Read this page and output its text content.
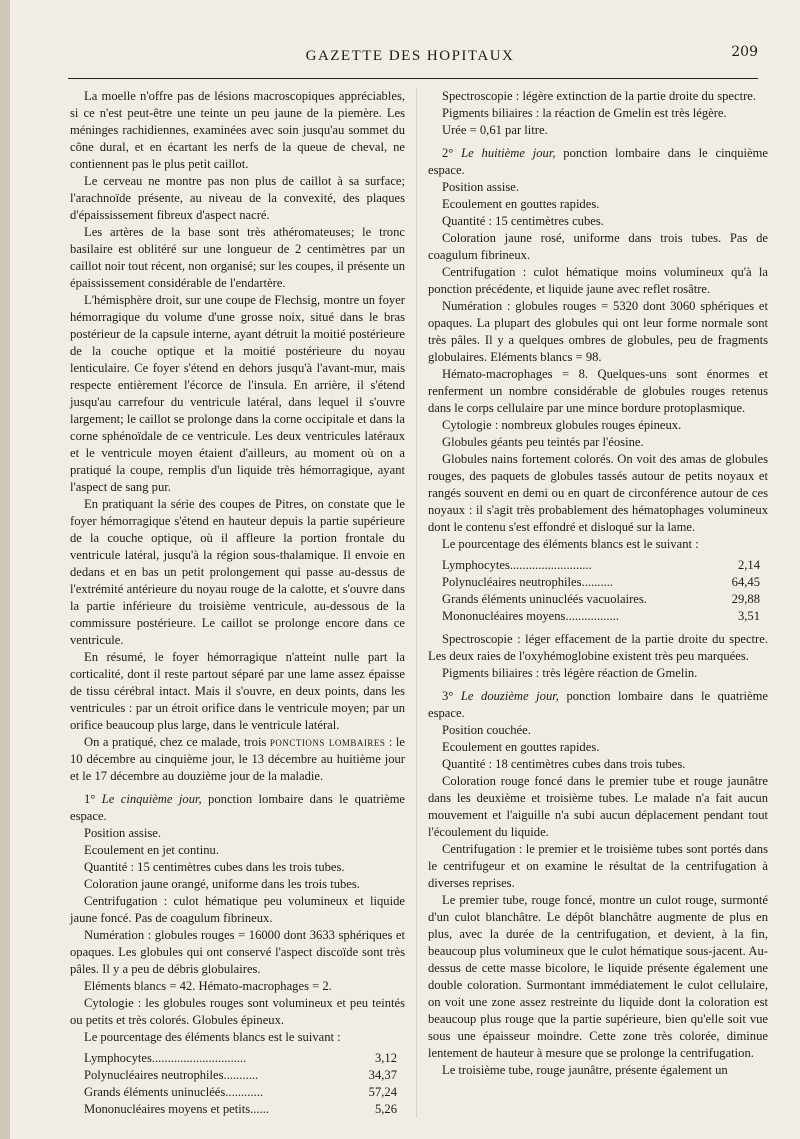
GAZETTE DES HOPITAUX	209

La moelle n'offre pas de lésions macroscopiques appréciables, si ce n'est peut-être une teinte un peu jaune de la piemère. Les méninges rachidiennes, examinées avec soin jusqu'au sommet du cône dural, et en écartant les nerfs de la queue de cheval, ne contiennent pas le plus petit caillot.

Le cerveau ne montre pas non plus de caillot à sa surface; l'arachnoïde présente, au niveau de la convexité, des plaques d'épaississement fibreux d'aspect nacré.

Les artères de la base sont très athéromateuses; le tronc basilaire est oblitéré sur une longueur de 2 centimètres par un caillot noir tout récent, non organisé; sur les coupes, il présente un épaississement considérable de l'endartère.

L'hémisphère droit, sur une coupe de Flechsig, montre un foyer hémorragique du volume d'une grosse noix, situé dans le bras postérieur de la capsule interne, ayant détruit la moitié postérieure de la couche optique et la moitié postérieure du noyau lenticulaire. Ce foyer s'étend en dehors jusqu'à l'avant-mur, mais respecte entièrement l'écorce de l'insula. En arrière, il s'étend jusqu'au carrefour du ventricule latéral, dans lequel il s'ouvre largement; le caillot se prolonge dans la corne occipitale et dans la corne sphénoïdale de ce ventricule. Les deux ventricules latéraux et le ventricule moyen étaient d'ailleurs, au moment où on a pratiqué la coupe, remplis d'un liquide très hémorragique, ayant l'aspect de sang pur.

En pratiquant la série des coupes de Pitres, on constate que le foyer hémorragique s'étend en hauteur depuis la partie supérieure de la couche optique, où il affleure la portion frontale du ventricule latéral, jusqu'à la région sous-thalamique. Il envoie en dedans et en bas un petit prolongement qui passe au-dessus de l'extrémité antérieure du noyau rouge de la calotte, et s'ouvre dans la partie inférieure du troisième ventricule, au-dessous de la commissure postérieure. Le caillot se prolonge encore dans ce ventricule.

En résumé, le foyer hémorragique n'atteint nulle part la corticalité, dont il reste partout séparé par une lame assez épaisse de tissu cérébral intact. Mais il s'ouvre, en deux points, dans les ventricules : par un étroit orifice dans le ventricule moyen; par un orifice beaucoup plus large, dans le ventricule latéral.

On a pratiqué, chez ce malade, trois ponctions lombaires : le 10 décembre au cinquième jour, le 13 décembre au huitième jour et le 17 décembre au douzième jour de la maladie.

1° Le cinquième jour, ponction lombaire dans le quatrième espace.

Position assise.

Ecoulement en jet continu.

Quantité : 15 centimètres cubes dans les trois tubes.

Coloration jaune orangé, uniforme dans les trois tubes.

Centrifugation : culot hématique peu volumineux et liquide jaune foncé. Pas de coagulum fibrineux.

Numération : globules rouges = 16000 dont 3633 sphériques et opaques. Les globules qui ont conservé l'aspect discoïde sont très pâles. Il y a peu de débris globulaires.

Eléments blancs = 42. Hémato-macrophages = 2.

Cytologie : les globules rouges sont volumineux et peu teintés ou petits et très colorés. Globules épineux.

Le pourcentage des éléments blancs est le suivant :

Lymphocytes..............................	3,12
Polynucléaires neutrophiles...........	34,37
Grands éléments uninucléés............	57,24
Mononucléaires moyens et petits......	5,26

Spectroscopie : légère extinction de la partie droite du spectre.

Pigments biliaires : la réaction de Gmelin est très légère.

Urée = 0,61 par litre.

2° Le huitième jour, ponction lombaire dans le cinquième espace.

Position assise.

Ecoulement en gouttes rapides.

Quantité : 15 centimètres cubes.

Coloration jaune rosé, uniforme dans trois tubes. Pas de coagulum fibrineux.

Centrifugation : culot hématique moins volumineux qu'à la ponction précédente, et liquide jaune avec reflet rosâtre.

Numération : globules rouges = 5320 dont 3060 sphériques et opaques. La plupart des globules qui ont leur forme normale sont très pâles. Il y a quelques ombres de globules, peu de fragments globulaires. Eléments blancs = 98.

Hémato-macrophages = 8. Quelques-uns sont énormes et renferment un nombre considérable de globules rouges retenus dans le corps cellulaire par une mince bordure protoplasmique.

Cytologie : nombreux globules rouges épineux.

Globules géants peu teintés par l'éosine.

Globules nains fortement colorés. On voit des amas de globules rouges, des paquets de globules tassés autour de petits noyaux et rangés souvent en demi ou en quart de circonférence autour de ces noyaux : il s'agit très probablement des hématophages volumineux dont le contenu s'est effondré et disloqué sur la lame.

Le pourcentage des éléments blancs est le suivant :

Lymphocytes..........................	2,14
Polynucléaires neutrophiles..........	64,45
Grands éléments uninucléés vacuolaires.	29,88
Mononucléaires moyens.................	3,51

Spectroscopie : léger effacement de la partie droite du spectre. Les deux raies de l'oxyhémoglobine existent très peu marquées.

Pigments biliaires : très légère réaction de Gmelin.

3° Le douzième jour, ponction lombaire dans le quatrième espace.

Position couchée.

Ecoulement en gouttes rapides.

Quantité : 18 centimètres cubes dans trois tubes.

Coloration rouge foncé dans le premier tube et rouge jaunâtre dans les deuxième et troisième tubes. Le malade n'a fait aucun mouvement et l'aiguille n'a subi aucun déplacement pendant tout l'écoulement du liquide.

Centrifugation : le premier et le troisième tubes sont portés dans le centrifugeur et on examine le résultat de la centrifugation à diverses reprises.

Le premier tube, rouge foncé, montre un culot rouge, surmonté d'un culot blanchâtre. Le dépôt blanchâtre augmente de plus en plus, avec la durée de la centrifugation, et devient, à la fin, beaucoup plus volumineux que le culot hématique sous-jacent. Au-dessus de cette masse bicolore, le liquide présente également une double coloration. Surmontant immédiatement le culot cellulaire, on voit une zone assez restreinte du liquide dont la coloration est beaucoup plus rouge que la partie supérieure, bien qu'elle soit vue sous une épaisseur moindre. Cette zone très colorée, diminue lentement de hauteur à mesure que se prolonge la centrifugation.

Le troisième tube, rouge jaunâtre, présente également un
